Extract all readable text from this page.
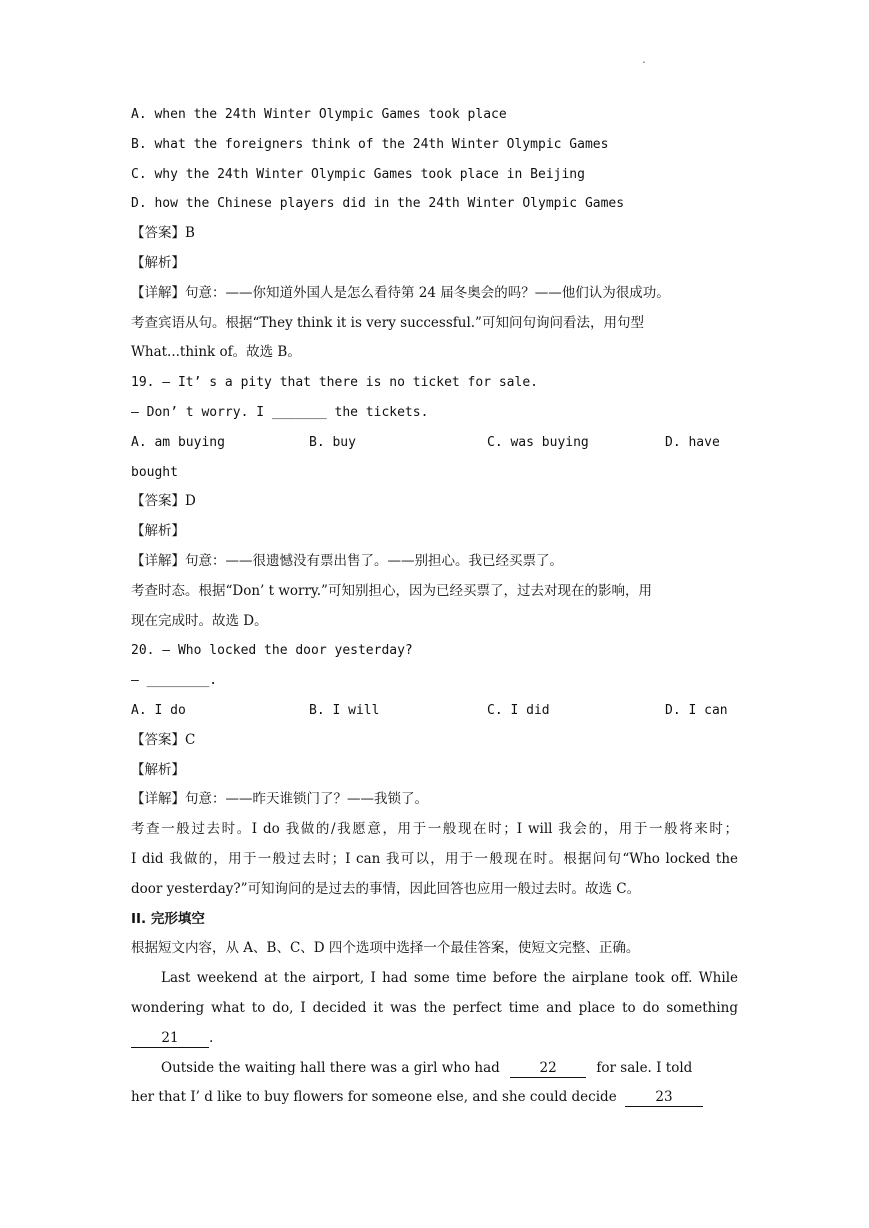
.
A. when the 24th Winter Olympic Games took place
B. what the foreigners think of the 24th Winter Olympic Games
C. why the 24th Winter Olympic Games took place in Beijing
D. how the Chinese players did in the 24th Winter Olympic Games
【答案】B
【解析】
【详解】句意：——你知道外国人是怎么看待第 24 届冬奥会的吗？——他们认为很成功。
考查宾语从句。根据“They think it is very successful.”可知问句询问看法，用句型
What...think of。故选 B。
19. — It’ s a pity that there is no ticket for sale.
— Don’ t worry. I _______ the tickets.
A. am buying	B. buy	C. was buying	D. have
bought
【答案】D
【解析】
【详解】句意：——很遗憾没有票出售了。——别担心。我已经买票了。
考查时态。根据“Don’ t worry.”可知别担心，因为已经买票了，过去对现在的影响，用
现在完成时。故选 D。
20. — Who locked the door yesterday?
— ________.
A. I do	B. I will	C. I did	D. I can
【答案】C
【解析】
【详解】句意：——昨天谁锁门了？——我锁了。
考查一般过去时。I do 我做的/我愿意，用于一般现在时；I will 我会的，用于一般将来时；
I did 我做的，用于一般过去时；I can 我可以，用于一般现在时。根据问句“Who locked the
door yesterday?”可知询问的是过去的事情，因此回答也应用一般过去时。故选 C。
II. 完形填空
根据短文内容，从 A、B、C、D 四个选项中选择一个最佳答案，使短文完整、正确。
Last weekend at the airport, I had some time before the airplane took off. While
wondering what to do, I decided it was the perfect time and place to do something
21 .
Outside the waiting hall there was a girl who had	22	for sale. I told
her that I’ d like to buy flowers for someone else, and she could decide	23
